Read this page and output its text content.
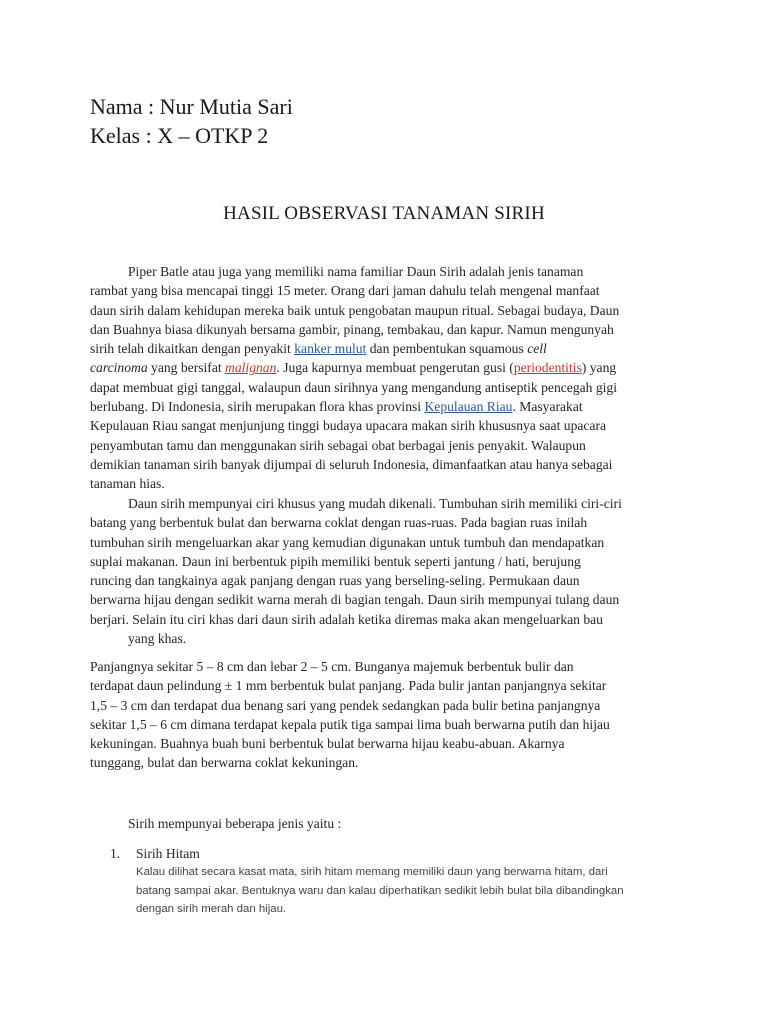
Nama : Nur Mutia Sari
Kelas : X – OTKP 2
HASIL OBSERVASI TANAMAN SIRIH
Piper Batle atau juga yang memiliki nama familiar Daun Sirih adalah jenis tanaman
rambat yang bisa mencapai tinggi 15 meter. Orang dari jaman dahulu telah mengenal manfaat
daun sirih dalam kehidupan mereka baik untuk pengobatan maupun ritual. Sebagai budaya, Daun
dan Buahnya biasa dikunyah bersama gambir, pinang, tembakau, dan kapur. Namun mengunyah
sirih telah dikaitkan dengan penyakit kanker mulut dan pembentukan squamous cell
carcinoma yang bersifat malignan. Juga kapurnya membuat pengerutan gusi (periodentitis) yang
dapat membuat gigi tanggal, walaupun daun sirihnya yang mengandung antiseptik pencegah gigi
berlubang. Di Indonesia, sirih merupakan flora khas provinsi Kepulauan Riau. Masyarakat
Kepulauan Riau sangat menjunjung tinggi budaya upacara makan sirih khususnya saat upacara
penyambutan tamu dan menggunakan sirih sebagai obat berbagai jenis penyakit. Walaupun
demikian tanaman sirih banyak dijumpai di seluruh Indonesia, dimanfaatkan atau hanya sebagai
tanaman hias.
Daun sirih mempunyai ciri khusus yang mudah dikenali. Tumbuhan sirih memiliki ciri-ciri
batang yang berbentuk bulat dan berwarna coklat dengan ruas-ruas. Pada bagian ruas inilah
tumbuhan sirih mengeluarkan akar yang kemudian digunakan untuk tumbuh dan mendapatkan
suplai makanan. Daun ini berbentuk pipih memiliki bentuk seperti jantung / hati, berujung
runcing dan tangkainya agak panjang dengan ruas yang berseling-seling. Permukaan daun
berwarna hijau dengan sedikit warna merah di bagian tengah. Daun sirih mempunyai tulang daun
berjari. Selain itu ciri khas dari daun sirih adalah ketika diremas maka akan mengeluarkan bau
yang khas.
Panjangnya sekitar 5 – 8 cm dan lebar 2 – 5 cm. Bunganya majemuk berbentuk bulir dan
terdapat daun pelindung ± 1 mm berbentuk bulat panjang. Pada bulir jantan panjangnya sekitar
1,5 – 3 cm dan terdapat dua benang sari yang pendek sedangkan pada bulir betina panjangnya
sekitar 1,5 – 6 cm dimana terdapat kepala putik tiga sampai lima buah berwarna putih dan hijau
kekuningan. Buahnya buah buni berbentuk bulat berwarna hijau keabu-abuan. Akarnya
tunggang, bulat dan berwarna coklat kekuningan.
Sirih mempunyai beberapa jenis yaitu :
1. Sirih Hitam
Kalau dilihat secara kasat mata, sirih hitam memang memiliki daun yang berwarna hitam, dari
batang sampai akar. Bentuknya waru dan kalau diperhatikan sedikit lebih bulat bila dibandingkan
dengan sirih merah dan hijau.
